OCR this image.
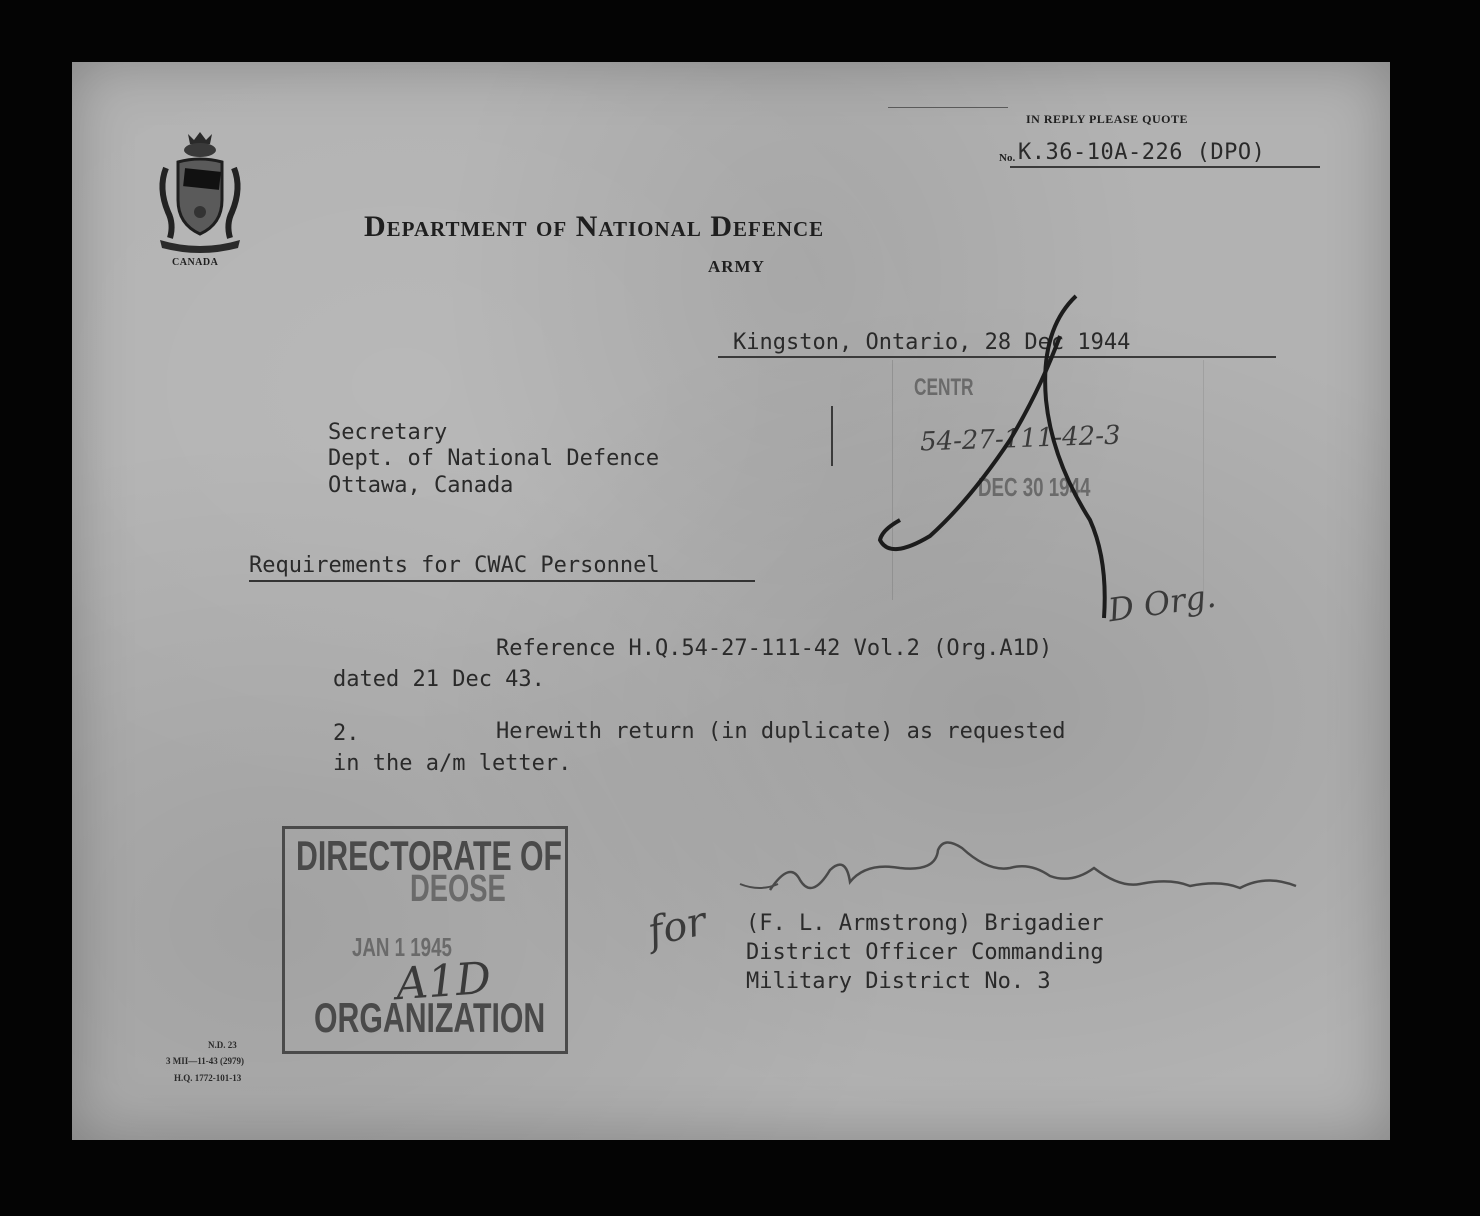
IN REPLY PLEASE QUOTE
No. K.36-10A-226 (DPO)
CANADA
Department of National Defence
ARMY
Kingston, Ontario, 28 Dec 1944
CENTR
54-27-111-42-3
DEC 30 1944
D Org.
Secretary
Dept. of National Defence
Ottawa, Canada
Requirements for CWAC Personnel
Reference H.Q.54-27-111-42 Vol.2 (Org.A1D)
dated 21 Dec 43.
2.	Herewith return (in duplicate) as requested
in the a/m letter.
DIRECTORATE OF
DEOSE
JAN 1 1945
A1D
ORGANIZATION
for (F. L. Armstrong) Brigadier
District Officer Commanding
Military District No. 3
N.D. 23
3 MII—11-43 (2979)
H.Q. 1772-101-13
